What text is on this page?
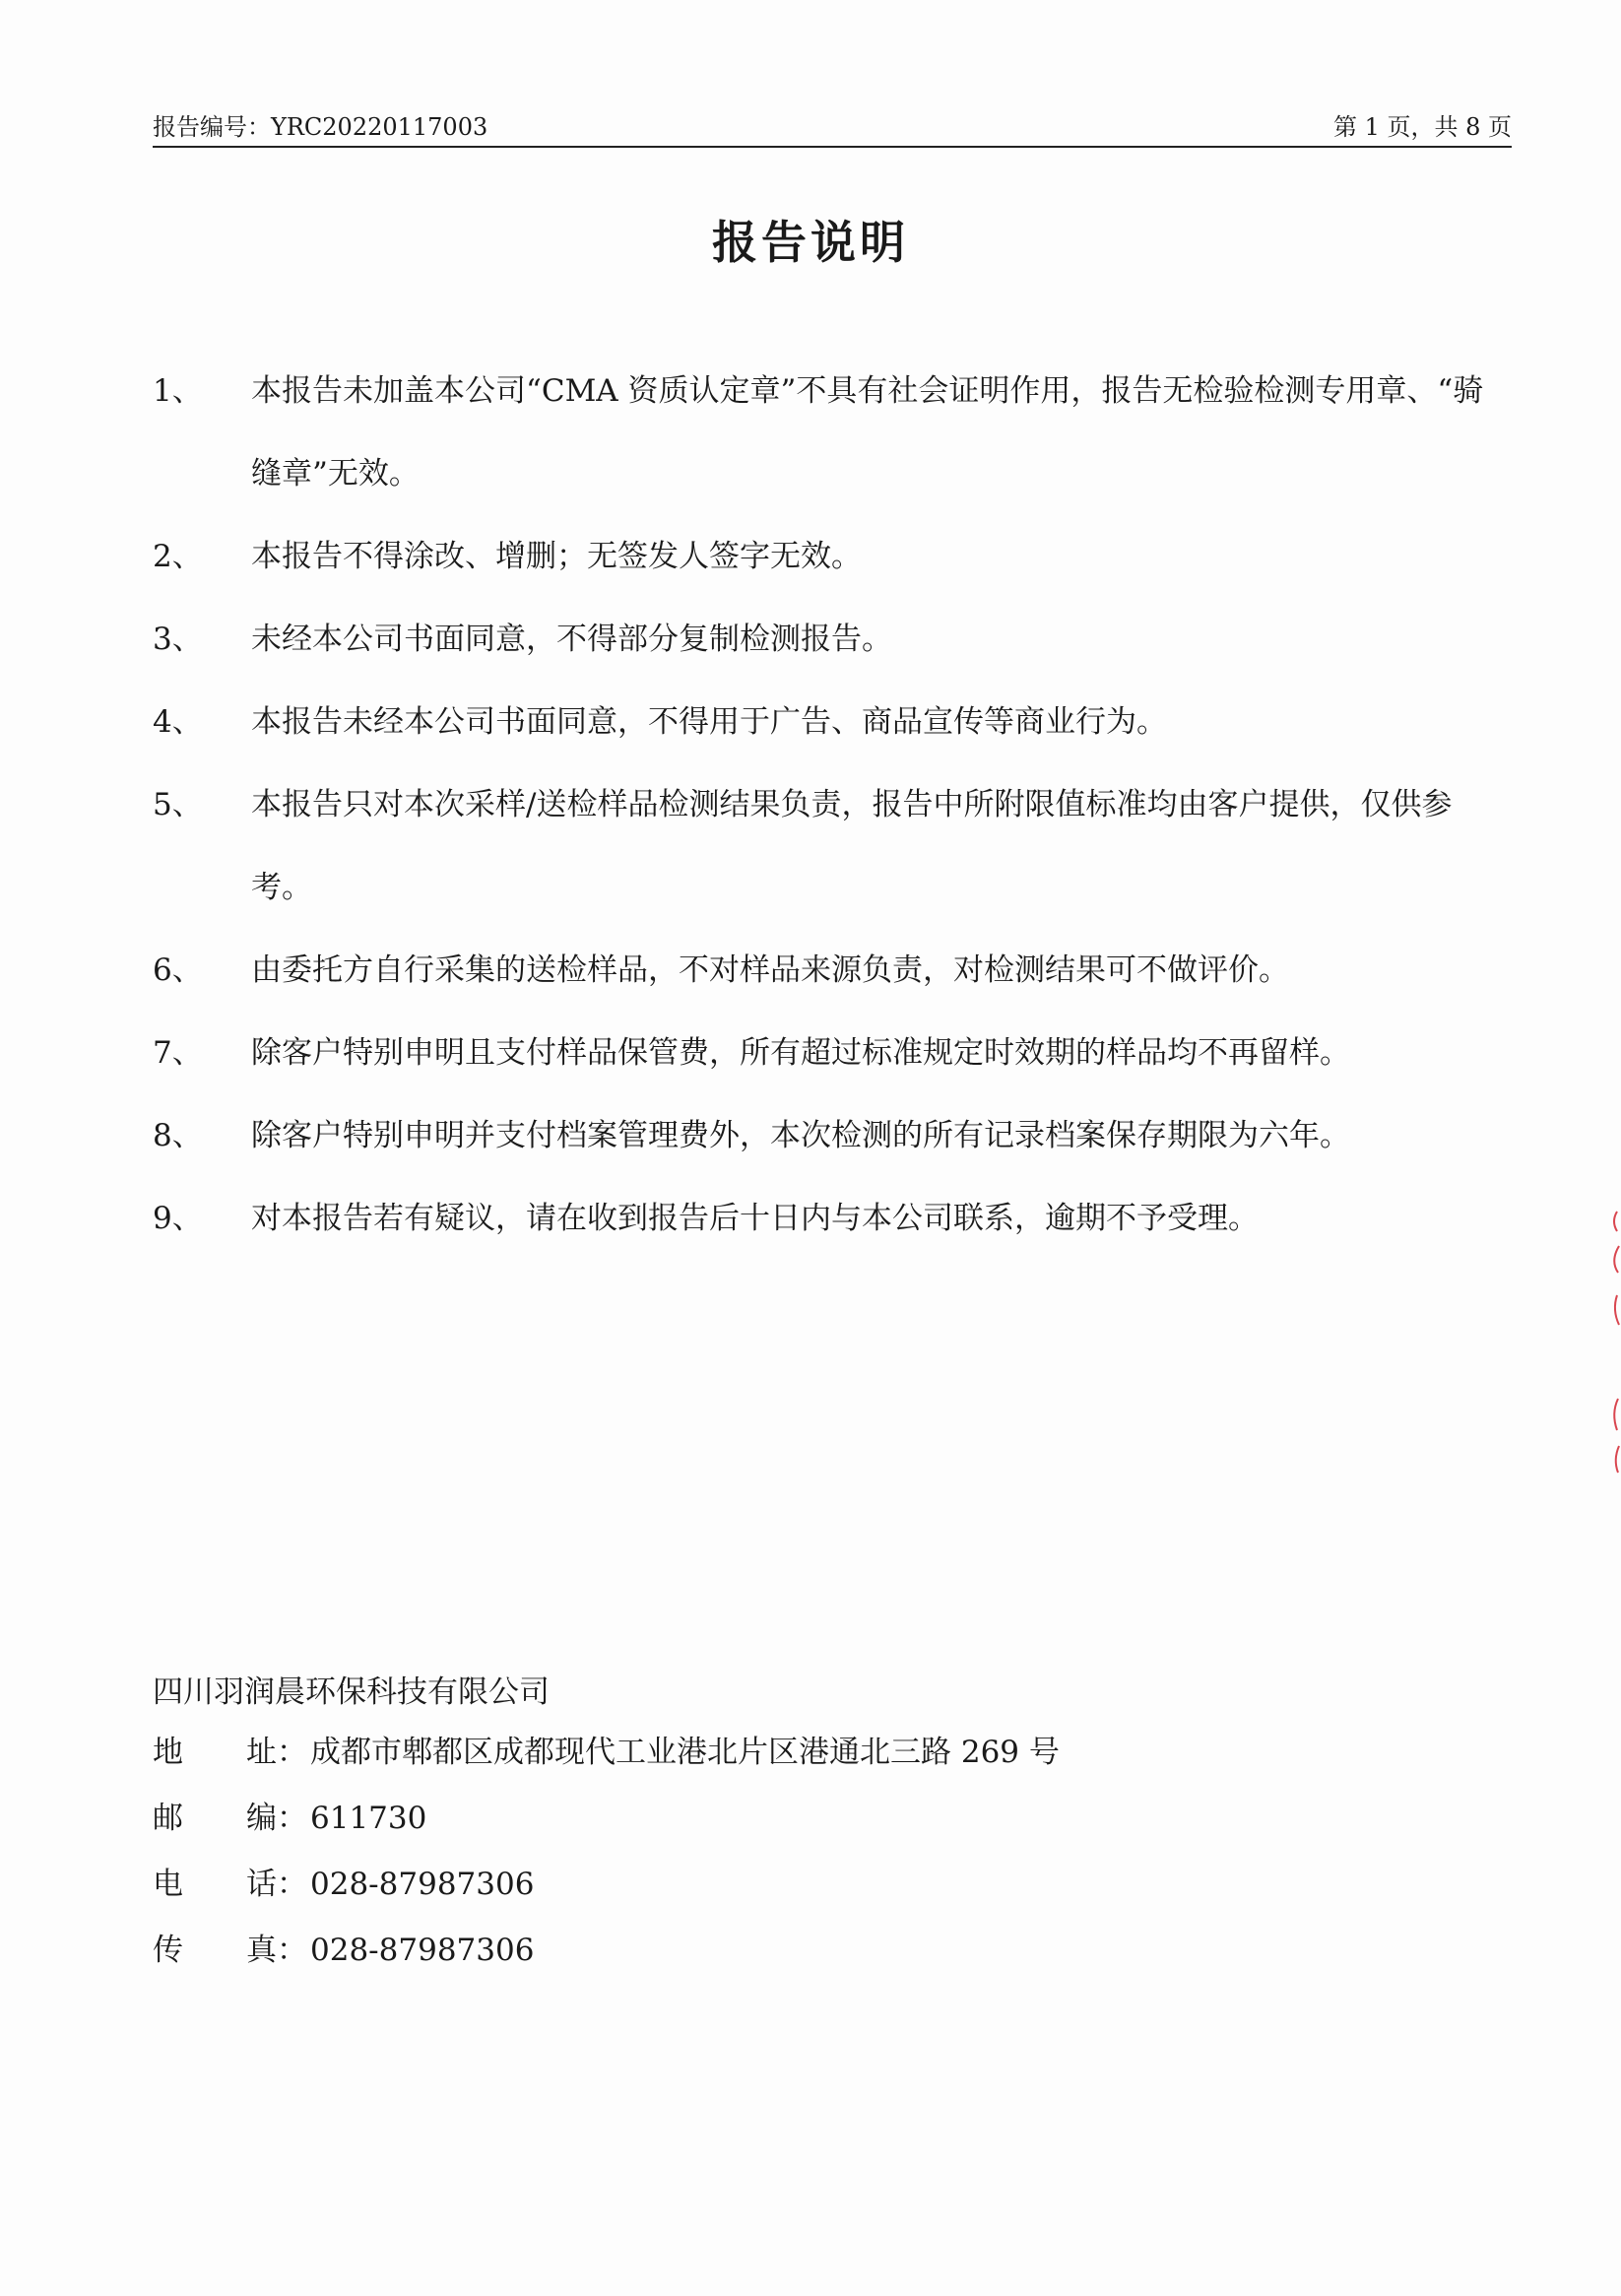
报告编号：YRC20220117003	第 1 页，共 8 页
报告说明
1、	本报告未加盖本公司“CMA 资质认定章”不具有社会证明作用，报告无检验检测专用章、“骑缝章”无效。
2、	本报告不得涂改、增删；无签发人签字无效。
3、	未经本公司书面同意，不得部分复制检测报告。
4、	本报告未经本公司书面同意，不得用于广告、商品宣传等商业行为。
5、	本报告只对本次采样/送检样品检测结果负责，报告中所附限值标准均由客户提供，仅供参考。
6、	由委托方自行采集的送检样品，不对样品来源负责，对检测结果可不做评价。
7、	除客户特别申明且支付样品保管费，所有超过标准规定时效期的样品均不再留样。
8、	除客户特别申明并支付档案管理费外，本次检测的所有记录档案保存期限为六年。
9、	对本报告若有疑议，请在收到报告后十日内与本公司联系，逾期不予受理。
四川羽润晨环保科技有限公司
地 址 ： 成都市郫都区成都现代工业港北片区港通北三路 269 号
邮 编 ： 611730
电 话 ： 028-87987306
传 真 ： 028-87987306
